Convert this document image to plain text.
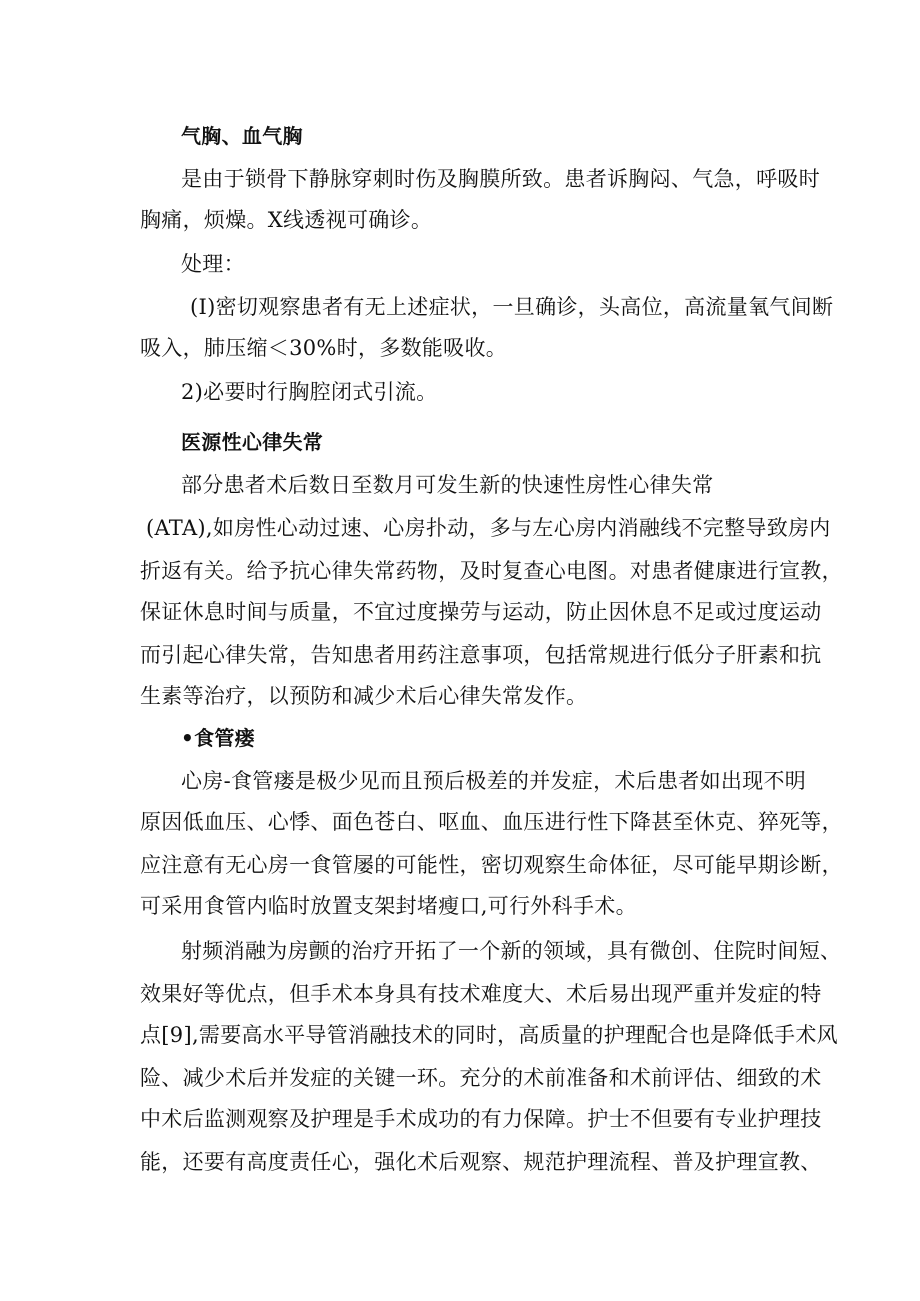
气胸、血气胸
是由于锁骨下静脉穿刺时伤及胸膜所致。患者诉胸闷、气急，呼吸时
胸痛，烦燥。X线透视可确诊。
处理：
(I)密切观察患者有无上述症状，一旦确诊，头高位，高流量氧气间断
吸入，肺压缩＜30%时，多数能吸收。
2)必要时行胸腔闭式引流。
医源性心律失常
部分患者术后数日至数月可发生新的快速性房性心律失常
(ATA),如房性心动过速、心房扑动，多与左心房内消融线不完整导致房内
折返有关。给予抗心律失常药物，及时复查心电图。对患者健康进行宣教，
保证休息时间与质量，不宜过度操劳与运动，防止因休息不足或过度运动
而引起心律失常，告知患者用药注意事项，包括常规进行低分子肝素和抗
生素等治疗，以预防和减少术后心律失常发作。
•食管瘘
心房-食管瘘是极少见而且预后极差的并发症，术后患者如出现不明
原因低血压、心悸、面色苍白、呕血、血压进行性下降甚至休克、猝死等，
应注意有无心房一食管屡的可能性，密切观察生命体征，尽可能早期诊断，
可采用食管内临时放置支架封堵瘦口,可行外科手术。
射频消融为房颤的治疗开拓了一个新的领域，具有微创、住院时间短、
效果好等优点，但手术本身具有技术难度大、术后易出现严重并发症的特
点[9],需要高水平导管消融技术的同时，高质量的护理配合也是降低手术风
险、减少术后并发症的关键一环。充分的术前准备和术前评估、细致的术
中术后监测观察及护理是手术成功的有力保障。护士不但要有专业护理技
能，还要有高度责任心，强化术后观察、规范护理流程、普及护理宣教、
